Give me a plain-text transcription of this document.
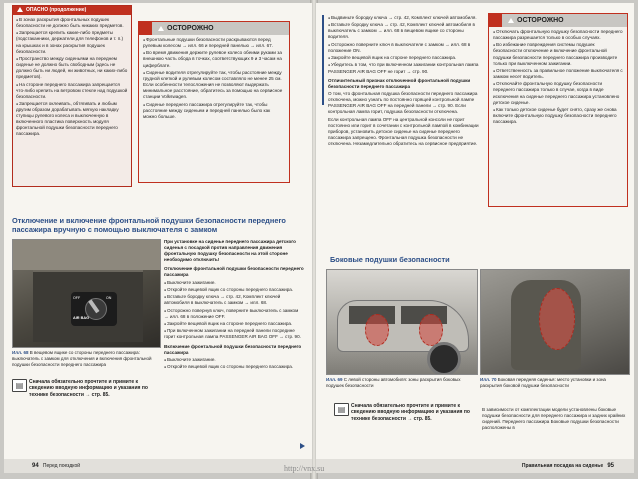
ОПАСНО (продолжение)

● В зонах раскрытия фронтальных подушек безопасности не должно быть никаких предметов.

● Запрещается крепить какие-либо предметы (подстаканники, держатели для телефонов и т. п.) на крышках и в зонах раскрытия подушек безопасности.

● Пространство между сиденьями на переднем сиденье не должно быть свободным (здесь не должно быть ни людей, ни животных, ни каких-либо предметов).

● На стороне переднего пассажира запрещается что-либо крепить на ветровом стекле над подушкой безопасности.

● Запрещается оклеивать, обтягивать и любым другим образом дорабатывать мягкую накладку ступицы рулевого колеса и выключенную в включенного пластика поверхность модуля фронтальной подушки безопасности переднего пассажира.

ОСТОРОЖНО

● Фронтальные подушки безопасности раскрываются перед рулевым колесом → илл. 66 и передней панелью → илл. 67.

● Во время движения держите рулевое колесо обеими руками за внешнюю часть обода в точках, соответствующих 9 и 3 часам на циферблате.

● Сиденье водителя отрегулируйте так, чтобы расстояние между грудной клеткой и рулевым колесом составляло не менее 25 см. Если особенности телосложения не позволяют выдержать минимальное расстояние, обратитесь за помощью на сервисное станции Volkswagen.

● Сиденье переднего пассажира отрегулируйте так, чтобы расстояние между сиденьем и передней панелью было как можно больше.

Отключение и включение фронтальной подушки безопасности переднего пассажира вручную с помощью выключателя с замком
AIR BAG
OFF	ON
Илл. 68 В вещевом ящике со стороны переднего пассажира: выключатель с замком для отключения и включения фронтальной подушки безопасности переднего пассажира
▤	Сначала обязательно прочтите и примите к сведению вводную информацию и указания по технике безопасности → стр. 85.

При установке на сиденье переднего пассажира детского сиденья с посадкой против направления движения фронтальную подушку безопасности на этой стороне необходимо отключить!

Отключение фронтальной подушки безопасности переднего пассажира

● Выключите зажигание.

● Откройте вещевой ящик со стороны переднего пассажира.

● Вставьте бородку ключа → стр. 42, Комплект ключей автомобиля в выключатель с замком → илл. 68.

● Осторожно повернув ключ, поверните выключатель с замком → илл. 68 в положение OFF.

● Закройте вещевой ящик на стороне переднего пассажира.

● При включенном зажигании на передней панели посредине горит контрольная лампа PASSENGER AIR BAG OFF → стр. 90.

Включение фронтальной подушки безопасности переднего пассажира

● Выключите зажигание.

● Откройте вещевой ящик со стороны переднего пассажира.

94 Перед поездкой

● Выдвиньте бородку ключа → стр. 42, Комплект ключей автомобиля.

● Вставьте бородку ключа → стр. 42, Комплект ключей автомобиля в выключатель с замком → илл. 68 в вещевом ящике со стороны водителя.

● Осторожно поверните ключ в выключателе с замком → илл. 68 в положение ON.

● Закройте вещевой ящик на стороне переднего пассажира.

● Убедитесь в том, что при включенном зажигании контрольная лампа PASSENGER AIR BAG OFF не горит → стр. 90.

Отличительный признак отключенной фронтальной подушки безопасности переднего пассажира

О том, что фронтальная подушка безопасности переднего пассажира отключена, можно узнать по постоянно горящей контрольной лампе PASSENGER AIR BAG OFF на передней панели → стр. 90. Если контрольная лампа горит, подушка безопасности отключена.

Если контрольная лампа OFF на центральной консоли не горит постоянно или горит в сочетании с контрольной лампой в комбинации приборов, установить детское сиденье на сиденье переднего пассажира запрещено. Фронтальная подушка безопасности не отключена. Незамедлительно обратитесь на сервисное предприятие.

ОСТОРОЖНО

● Отключать фронтальную подушку безопасности переднего пассажира разрешается только в особых случаях.

● Во избежание повреждения системы подушек безопасности отключение и включение фронтальной подушки безопасности переднего пассажира производите только при выключенном зажигании.

● Ответственность за правильное положение выключателя с замком несет водитель.

● Отключайте фронтальную подушку безопасности переднего пассажира только в случае, когда в виде исключения на сиденье переднего пассажира установлено детское сиденье.

● Как только детское сиденье будет снято, сразу же снова включите фронтальную подушку безопасности переднего пассажира.

Боковые подушки безопасности
Илл. 69 С левой стороны автомобиля: зоны раскрытия боковых подушек безопасности
Илл. 70 Боковая передняя сиденья: место установки и зона раскрытия боковой подушки безопасности
▤	Сначала обязательно прочтите и примите к сведению вводную информацию и указания по технике безопасности → стр. 85.
В зависимости от комплектации модели установлены боковые подушки безопасности для переднего пассажира и задних крайних сидений. Переднего пассажира Боковые подушки безопасности расположены в
Правильная посадка на сиденье 95
http://vnx.su
